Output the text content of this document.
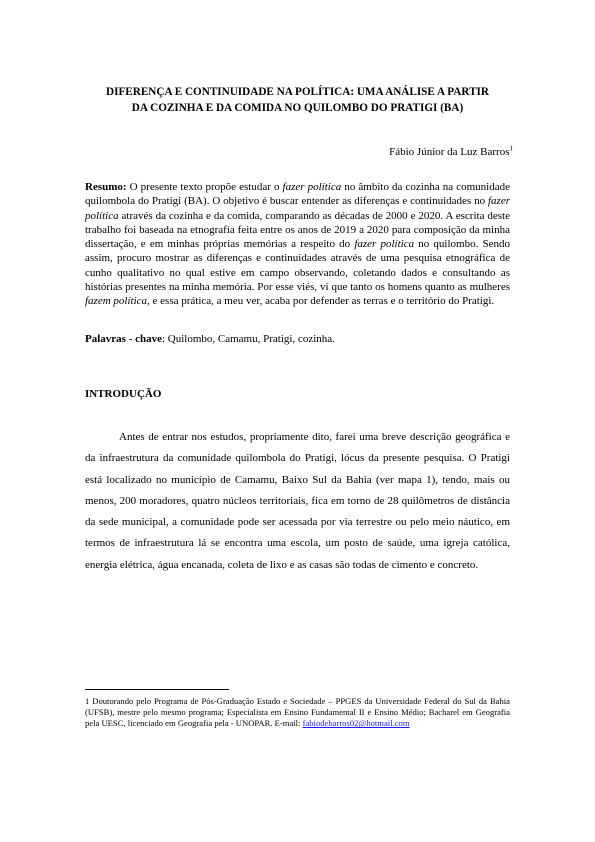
DIFERENÇA E CONTINUIDADE NA POLÍTICA: UMA ANÁLISE A PARTIR
DA COZINHA E DA COMIDA NO QUILOMBO DO PRATIGI (BA)
Fábio Júnior da Luz Barros$^1$

Resumo: O presente texto propõe estudar o fazer política no âmbito da cozinha na comunidade quilombola do Pratigi (BA). O objetivo é buscar entender as diferenças e continuidades no fazer política através da cozinha e da comida, comparando as décadas de 2000 e 2020. A escrita deste trabalho foi baseada na etnografia feita entre os anos de 2019 a 2020 para composição da minha dissertação, e em minhas próprias memórias a respeito do fazer política no quilombo. Sendo assim, procuro mostrar as diferenças e continuidades através de uma pesquisa etnográfica de cunho qualitativo no qual estive em campo observando, coletando dados e consultando as histórias presentes na minha memória. Por esse viés, vi que tanto os homens quanto as mulheres fazem política, e essa prática, a meu ver, acaba por defender as terras e o território do Pratigi.

Palavras - chave: Quilombo, Camamu, Pratigi, cozinha.

INTRODUÇÃO

Antes de entrar nos estudos, propriamente dito, farei uma breve descrição geográfica e da infraestrutura da comunidade quilombola do Pratigi, lócus da presente pesquisa. O Pratigi está localizado no município de Camamu, Baixo Sul da Bahia (ver mapa 1), tendo, mais ou menos, 200 moradores, quatro núcleos territoriais, fica em torno de 28 quilômetros de distância da sede municipal, a comunidade pode ser acessada por via terrestre ou pelo meio náutico, em termos de infraestrutura lá se encontra uma escola, um posto de saúde, uma igreja católica, energia elétrica, água encanada, coleta de lixo e as casas são todas de cimento e concreto.

1 Doutorando pelo Programa de Pós-Graduação Estado e Sociedade – PPGES da Universidade Federal do Sul da Bahia (UFSB), mestre pelo mesmo programa; Especialista em Ensino Fundamental II e Ensino Médio; Bacharel em Geografia pela UESC, licenciado em Geografia pela - UNOPAR. E-mail: fabiodebarros02@hotmail.com
